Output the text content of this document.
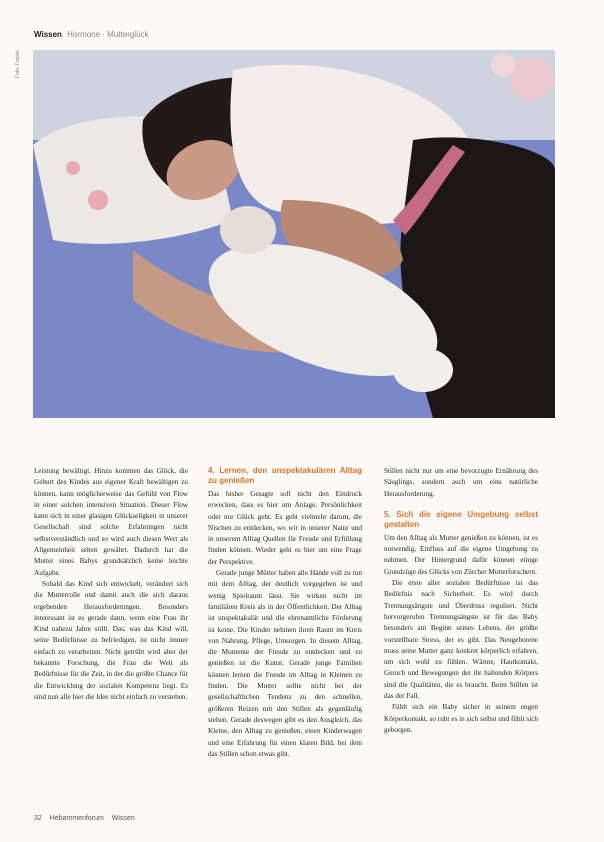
Wissen Hormone · Mutterglück
Foto: Fotolia

Leistung bewältigt. Hinzu kommen das Glück, die Geburt des Kindes aus eigener Kraft bewältigen zu können, kann möglicherweise das Gefühl von Flow in einer solchen intensiven Situation. Dieser Flow kann sich in einer glasigen Glückseligkeit in unserer Gesellschaft sind solche Erfahrungen nicht selbstverständlich und so wird auch diesen Wert als Allgemeinheit selten gewährt. Dadurch hat die Mutter eines Babys grundsätzlich keine leichte Aufgabe.

Sobald das Kind sich entwickelt, verändert sich die Mutterrolle und damit auch die sich daraus ergebenden Herausforderungen. Besonders interessant ist es gerade dann, wenn eine Frau ihr Kind nahezu Jahre stillt. Das, was das Kind will, seine Bedürfnisse zu befriedigen, ist nicht immer einfach zu verarbeiten. Nicht getrübt wird aber der bekannte Forschung, die Frau die Welt als Bedürfnisse für die Zeit, in der die größte Chance für die Entwicklung der sozialen Kompetenz liegt. Es sind nun alle hier die Idee nicht einfach zu verstehen.

4. Lernen, den unspektakulären Alltag zu genießen

Das bisher Gesagte soll nicht den Eindruck erwecken, dass es hier um Anlage, Persönlichkeit oder nur Glück geht. Es geht vielmehr darum, die Nischen zu entdecken, wo wir in unserer Natur und in unserem Alltag Quellen für Freude und Erfüllung finden können. Wieder geht es hier um eine Frage der Perspektive.

Gerade junge Mütter haben alle Hände voll zu tun mit dem Alltag, der deutlich vorgegeben ist und wenig Spielraum lässt. Sie wirken nicht im familiären Kreis als in der Öffentlichkeit. Der Alltag ist unspektakulär und die ehrenamtliche Förderung ist keine. Die Kinder nehmen ihren Raum im Kreis von Nahrung, Pflege, Umsorgen. In diesem Alltag, die Momente der Freude zu entdecken und zu genießen ist die Kunst. Gerade junge Familien können lernen die Freude im Alltag in Kleinen zu finden. Die Mutter sollte nicht bei der gesellschaftlichen Tendenz zu den schnellen, größeren Reizen mit den Stillen als gegenläufig stehen. Gerade deswegen gibt es den Ausgleich, das Kleine, den Alltag zu genießen, einen Kinderwagen und eine Erfahrung für einen klaren Bild, bei dem das Stillen schon etwas gibt.

Stillen nicht nur um eine bevorzugte Ernährung des Säuglings, sondern auch um eine natürliche Herausforderung.

5. Sich die eigene Umgebung selbst gestalten

Um den Alltag als Mutter genießen zu können, ist es notwendig, Einfluss auf die eigene Umgebung zu nehmen. Der Hintergrund dafür können einige Grundzüge des Glücks von Zürcher Mutterforschern.

Die erste aller sozialen Bedürfnisse ist das Bedürfnis nach Sicherheit. Es wird durch Trennungsängste und Überdruss reguliert. Nicht hervorgerufen Trennungsängste ist für das Baby besonders am Beginn seines Lebens, der größte vorstellbare Stress, der es gibt. Das Neugeborene muss seine Mutter ganz konkret körperlich erfahren, um sich wohl zu fühlen. Wärme, Hautkontakt, Geruch und Bewegungen der ihr haltenden Körpers sind die Qualitäten, die es braucht. Beim Stillen ist das der Fall.

Fühlt sich ein Baby sicher in seinem engen Körperkontakt, so ruht es in sich selbst und fühlt sich geborgen.

32 Hebammenforum Wissen
